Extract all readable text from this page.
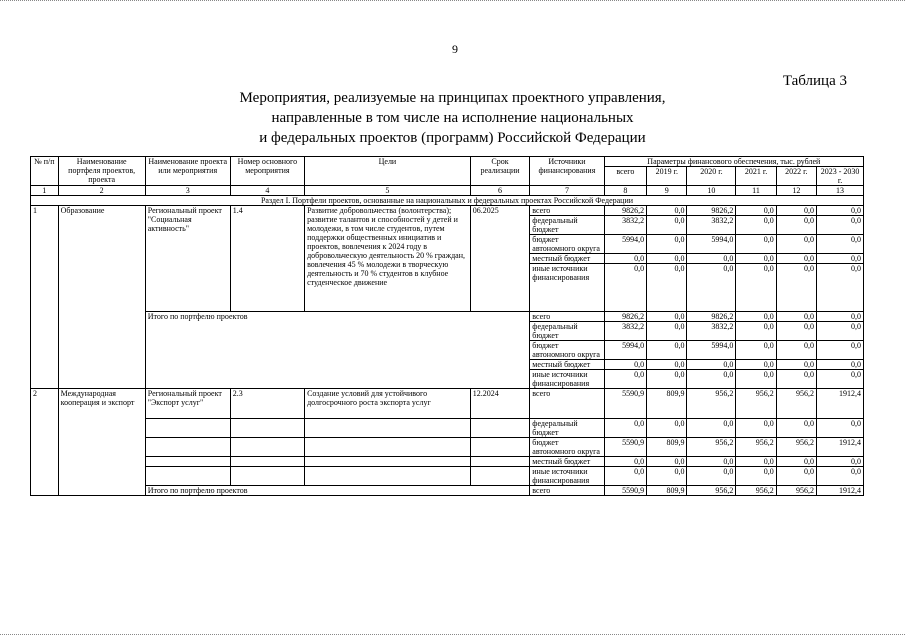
9
Таблица 3
Мероприятия, реализуемые на принципах проектного управления,
направленные в том числе на исполнение национальных
и федеральных проектов (программ) Российской Федерации
№ п/п	Наименование портфеля проектов, проекта	Наименование проекта или мероприятия	Номер основного мероприятия	Цели	Срок реализации	Источники финансирования	Параметры финансового обеспечения, тыс. рублей					
							всего	2019 г.	2020 г.	2021 г.	2022 г.	2023 - 2030 г.
1	2	3	4	5	6	7	8	9	10	11	12	13
Раздел I. Портфели проектов, основанные на национальных и федеральных проектах Российской Федерации												
1	Образование	Региональный проект "Социальная активность"	1.4	Развитие добровольчества (волонтерства); развитие талантов и способностей у детей и молодежи, в том числе студентов, путем поддержки общественных инициатив и проектов, вовлечения к 2024 году в добровольческую деятельность 20 % граждан, вовлечения 45 % молодежи в творческую деятельность и 70 % студентов в клубное студенческое движение	06.2025	всего	9826,2	0,0	9826,2	0,0	0,0	0,0
						федеральный бюджет	3832,2	0,0	3832,2	0,0	0,0	0,0
						бюджет автономного округа	5994,0	0,0	5994,0	0,0	0,0	0,0
						местный бюджет	0,0	0,0	0,0	0,0	0,0	0,0
						иные источники финансирования	0,0	0,0	0,0	0,0	0,0	0,0
		Итого по портфелю проектов				всего	9826,2	0,0	9826,2	0,0	0,0	0,0
						федеральный бюджет	3832,2	0,0	3832,2	0,0	0,0	0,0
						бюджет автономного округа	5994,0	0,0	5994,0	0,0	0,0	0,0
						местный бюджет	0,0	0,0	0,0	0,0	0,0	0,0
						иные источники финансирования	0,0	0,0	0,0	0,0	0,0	0,0
2	Международная кооперация и экспорт	Региональный проект "Экспорт услуг"	2.3	Создание условий для устойчивого долгосрочного роста экспорта услуг	12.2024	всего	5590,9	809,9	956,2	956,2	956,2	1912,4
						федеральный бюджет	0,0	0,0	0,0	0,0	0,0	0,0
						бюджет автономного округа	5590,9	809,9	956,2	956,2	956,2	1912,4
						местный бюджет	0,0	0,0	0,0	0,0	0,0	0,0
						иные источники финансирования	0,0	0,0	0,0	0,0	0,0	0,0
		Итого по портфелю проектов				всего	5590,9	809,9	956,2	956,2	956,2	1912,4
